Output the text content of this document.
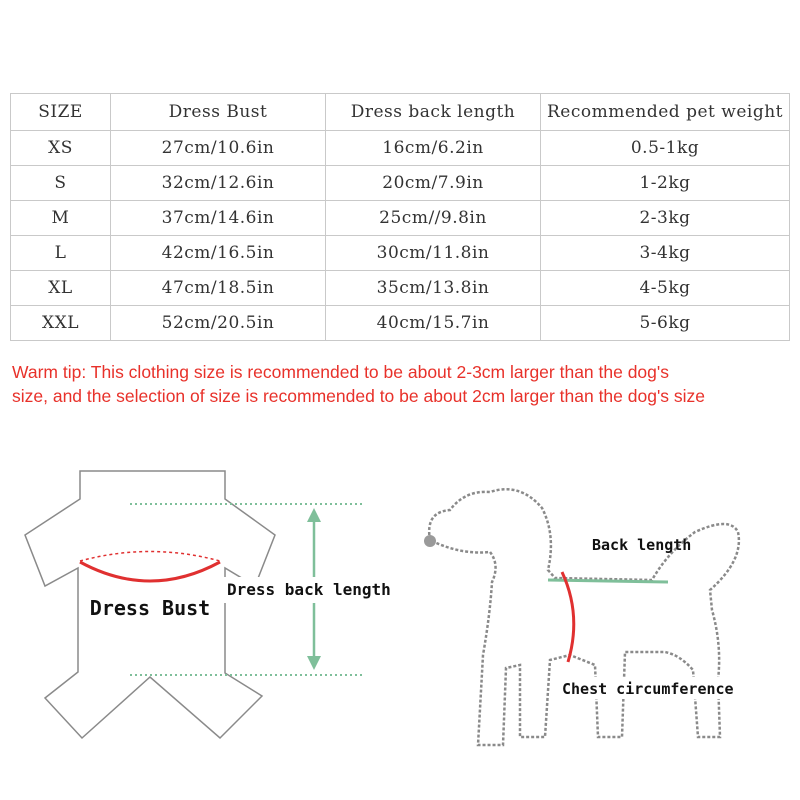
SIZE	Dress Bust	Dress back length	Recommended pet weight
XS	27cm/10.6in	16cm/6.2in	0.5-1kg
S	32cm/12.6in	20cm/7.9in	1-2kg
M	37cm/14.6in	25cm//9.8in	2-3kg
L	42cm/16.5in	30cm/11.8in	3-4kg
XL	47cm/18.5in	35cm/13.8in	4-5kg
XXL	52cm/20.5in	40cm/15.7in	5-6kg
Warm tip: This clothing size is recommended to be about 2-3cm larger than the dog's
size, and the selection of size is recommended to be about 2cm larger than the dog's size
Dress Bust
Dress back length
Back length
Chest circumference
